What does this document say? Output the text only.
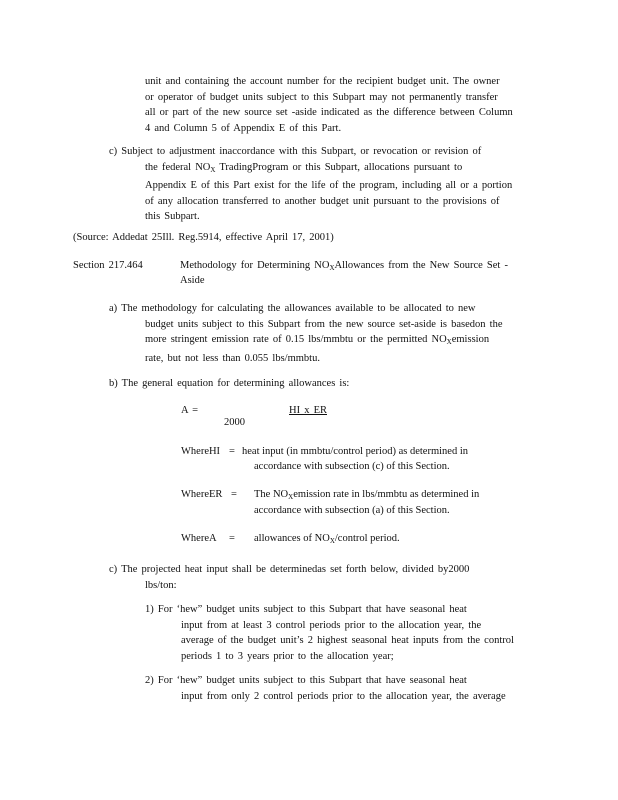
unit and containing the account number for the recipient budget unit. The owner
or operator of budget units subject to this Subpart may not permanently transfer
all or part of the new source set -aside indicated as the difference between Column
4 and Column 5 of Appendix E of this Part.
c) Subject to adjustment inaccordance with this Subpart, or revocation or revision of
the federal $NO_X$ TradingProgram or this Subpart, allocations pursuant to
Appendix E of this Part exist for the life of the program, including all or a portion
of any allocation transferred to another budget unit pursuant to the provisions of
this Subpart.
(Source: Addedat 25Ill. Reg.5914, effective April 17, 2001)
Section 217.464	Methodology for Determining $NO_XAllowances$ from the New Source Set -
Aside
a) The methodology for calculating the allowances available to be allocated to new
budget units subject to this Subpart from the new source set-aside is basedon the
more stringent emission rate of 0.15 lbs/mmbtu or the permitted $NO_Xemission$
rate, but not less than 0.055 lbs/mmbtu.
b) The general equation for determining allowances is:
A =	HI x ER
2000
WhereHI = heat input (in mmbtu/control period) as determined in
accordance with subsection (c) of this Section.
WhereER = The $NO_Xemission$ rate in lbs/mmbtu as determined in
accordance with subsection (a) of this Section.
WhereA = allowances of $NO_X$/control period.
c) The projected heat input shall be determinedas set forth below, divided by2000
lbs/ton:
1) For ‘hew” budget units subject to this Subpart that have seasonal heat
input from at least 3 control periods prior to the allocation year, the
average of the budget unit’s 2 highest seasonal heat inputs from the control
periods 1 to 3 years prior to the allocation year;
2) For ‘hew” budget units subject to this Subpart that have seasonal heat
input from only 2 control periods prior to the allocation year, the average
